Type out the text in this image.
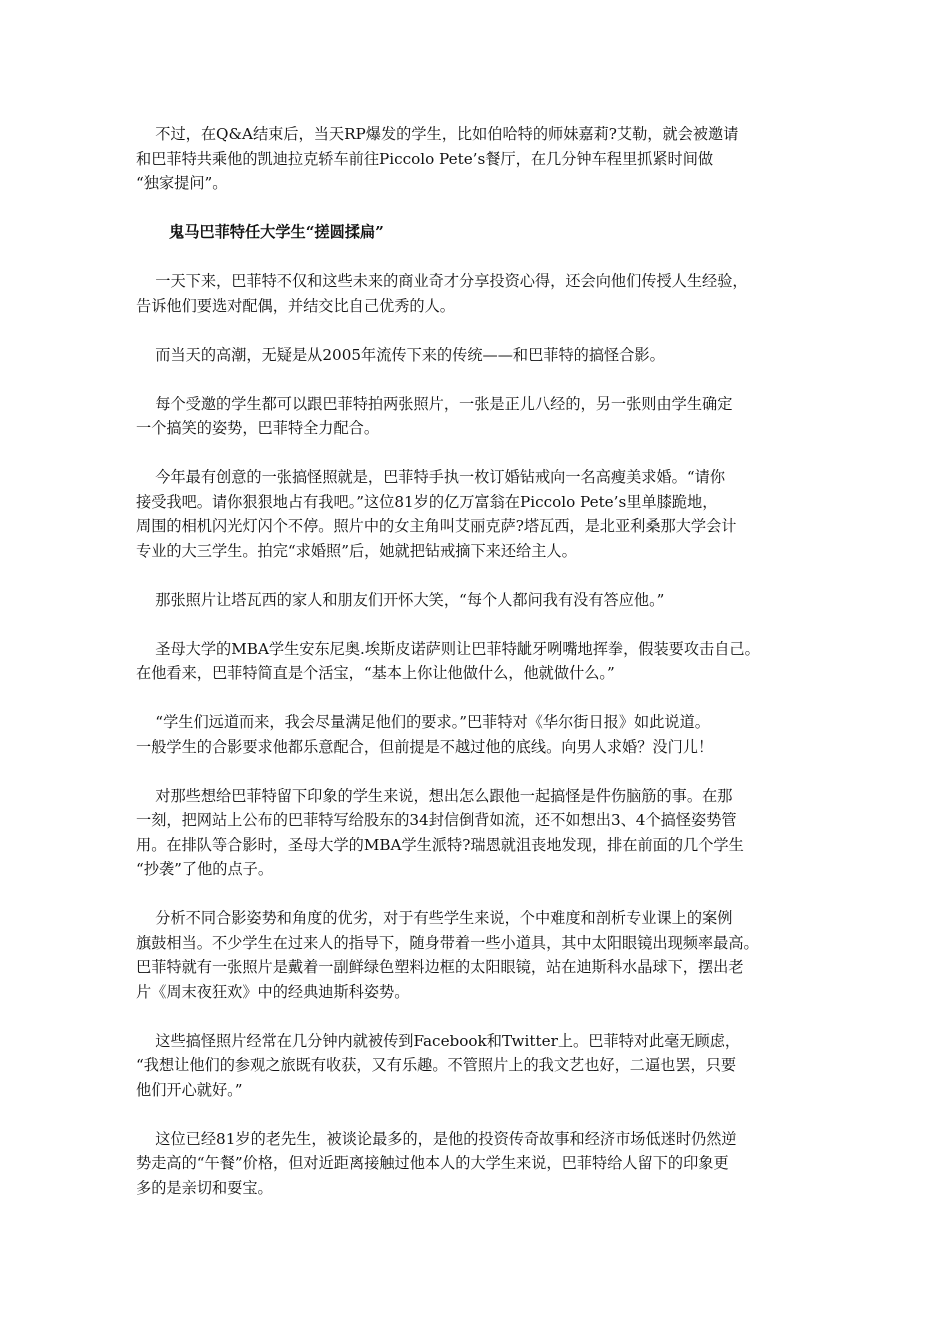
不过，在Q&A结束后，当天RP爆发的学生，比如伯哈特的师妹嘉莉?艾勒，就会被邀请
和巴菲特共乘他的凯迪拉克轿车前往Piccolo Pete’s餐厅，在几分钟车程里抓紧时间做
“独家提问”。
鬼马巴菲特任大学生“搓圆揉扁”
一天下来，巴菲特不仅和这些未来的商业奇才分享投资心得，还会向他们传授人生经验，
告诉他们要选对配偶，并结交比自己优秀的人。
而当天的高潮，无疑是从2005年流传下来的传统——和巴菲特的搞怪合影。
每个受邀的学生都可以跟巴菲特拍两张照片，一张是正儿八经的，另一张则由学生确定
一个搞笑的姿势，巴菲特全力配合。
今年最有创意的一张搞怪照就是，巴菲特手执一枚订婚钻戒向一名高瘦美求婚。“请你
接受我吧。请你狠狠地占有我吧。”这位81岁的亿万富翁在Piccolo Pete’s里单膝跪地，
周围的相机闪光灯闪个不停。照片中的女主角叫艾丽克萨?塔瓦西，是北亚利桑那大学会计
专业的大三学生。拍完“求婚照”后，她就把钻戒摘下来还给主人。
那张照片让塔瓦西的家人和朋友们开怀大笑，“每个人都问我有没有答应他。”
圣母大学的MBA学生安东尼奥.埃斯皮诺萨则让巴菲特龇牙咧嘴地挥拳，假装要攻击自己。
在他看来，巴菲特简直是个活宝，“基本上你让他做什么，他就做什么。”
“学生们远道而来，我会尽量满足他们的要求。”巴菲特对《华尔街日报》如此说道。
一般学生的合影要求他都乐意配合，但前提是不越过他的底线。向男人求婚？没门儿！
对那些想给巴菲特留下印象的学生来说，想出怎么跟他一起搞怪是件伤脑筋的事。在那
一刻，把网站上公布的巴菲特写给股东的34封信倒背如流，还不如想出3、4个搞怪姿势管
用。在排队等合影时，圣母大学的MBA学生派特?瑞恩就沮丧地发现，排在前面的几个学生
“抄袭”了他的点子。
分析不同合影姿势和角度的优劣，对于有些学生来说，个中难度和剖析专业课上的案例
旗鼓相当。不少学生在过来人的指导下，随身带着一些小道具，其中太阳眼镜出现频率最高。
巴菲特就有一张照片是戴着一副鲜绿色塑料边框的太阳眼镜，站在迪斯科水晶球下，摆出老
片《周末夜狂欢》中的经典迪斯科姿势。
这些搞怪照片经常在几分钟内就被传到Facebook和Twitter上。巴菲特对此毫无顾虑，
“我想让他们的参观之旅既有收获，又有乐趣。不管照片上的我文艺也好，二逼也罢，只要
他们开心就好。”
这位已经81岁的老先生，被谈论最多的，是他的投资传奇故事和经济市场低迷时仍然逆
势走高的“午餐”价格，但对近距离接触过他本人的大学生来说，巴菲特给人留下的印象更
多的是亲切和耍宝。
